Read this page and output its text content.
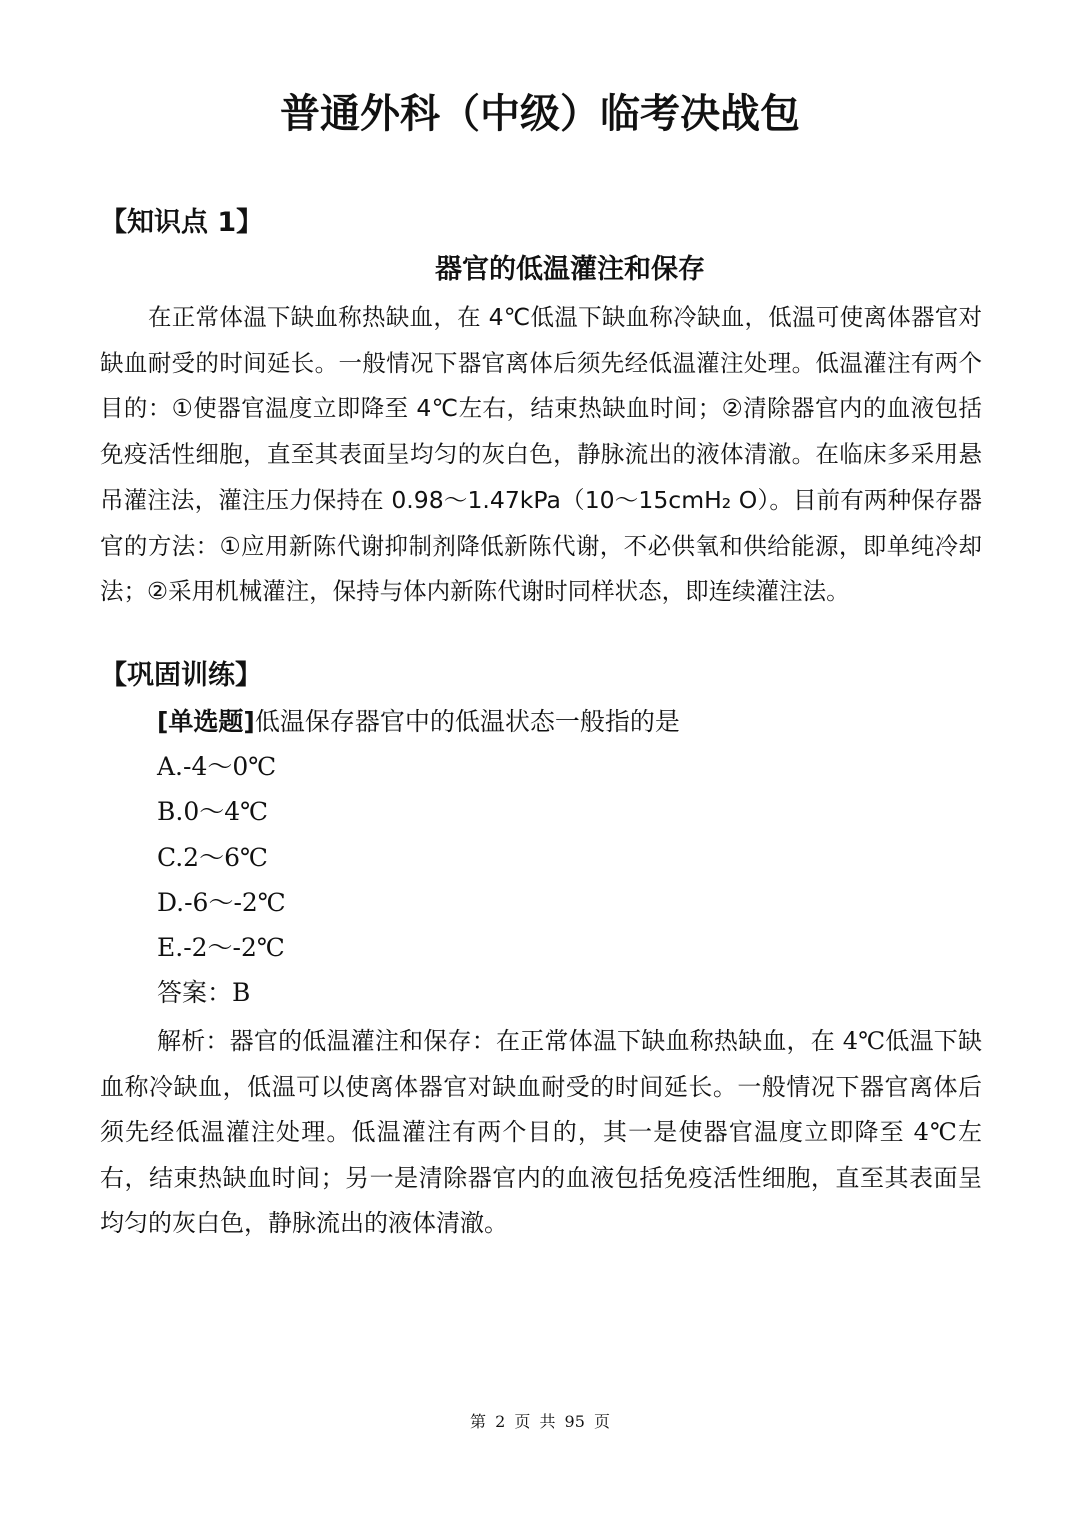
普通外科（中级）临考决战包
【知识点 1】
器官的低温灌注和保存

在正常体温下缺血称热缺血，在 4℃低温下缺血称冷缺血，低温可使离体器官对缺血耐受的时间延长。一般情况下器官离体后须先经低温灌注处理。低温灌注有两个目的：①使器官温度立即降至 4℃左右，结束热缺血时间；②清除器官内的血液包括免疫活性细胞，直至其表面呈均匀的灰白色，静脉流出的液体清澈。在临床多采用悬吊灌注法，灌注压力保持在 0.98～1.47kPa（10～15cmH₂ O）。目前有两种保存器官的方法：①应用新陈代谢抑制剂降低新陈代谢，不必供氧和供给能源，即单纯冷却法；②采用机械灌注，保持与体内新陈代谢时同样状态，即连续灌注法。

【巩固训练】

[单选题]低温保存器官中的低温状态一般指的是

A.-4～0℃
B.0～4℃
C.2～6℃
D.-6～-2℃
E.-2～-2℃

答案：B

解析：器官的低温灌注和保存：在正常体温下缺血称热缺血，在 4℃低温下缺血称冷缺血，低温可以使离体器官对缺血耐受的时间延长。一般情况下器官离体后须先经低温灌注处理。低温灌注有两个目的，其一是使器官温度立即降至 4℃左右，结束热缺血时间；另一是清除器官内的血液包括免疫活性细胞，直至其表面呈均匀的灰白色，静脉流出的液体清澈。

第 2 页 共 95 页
